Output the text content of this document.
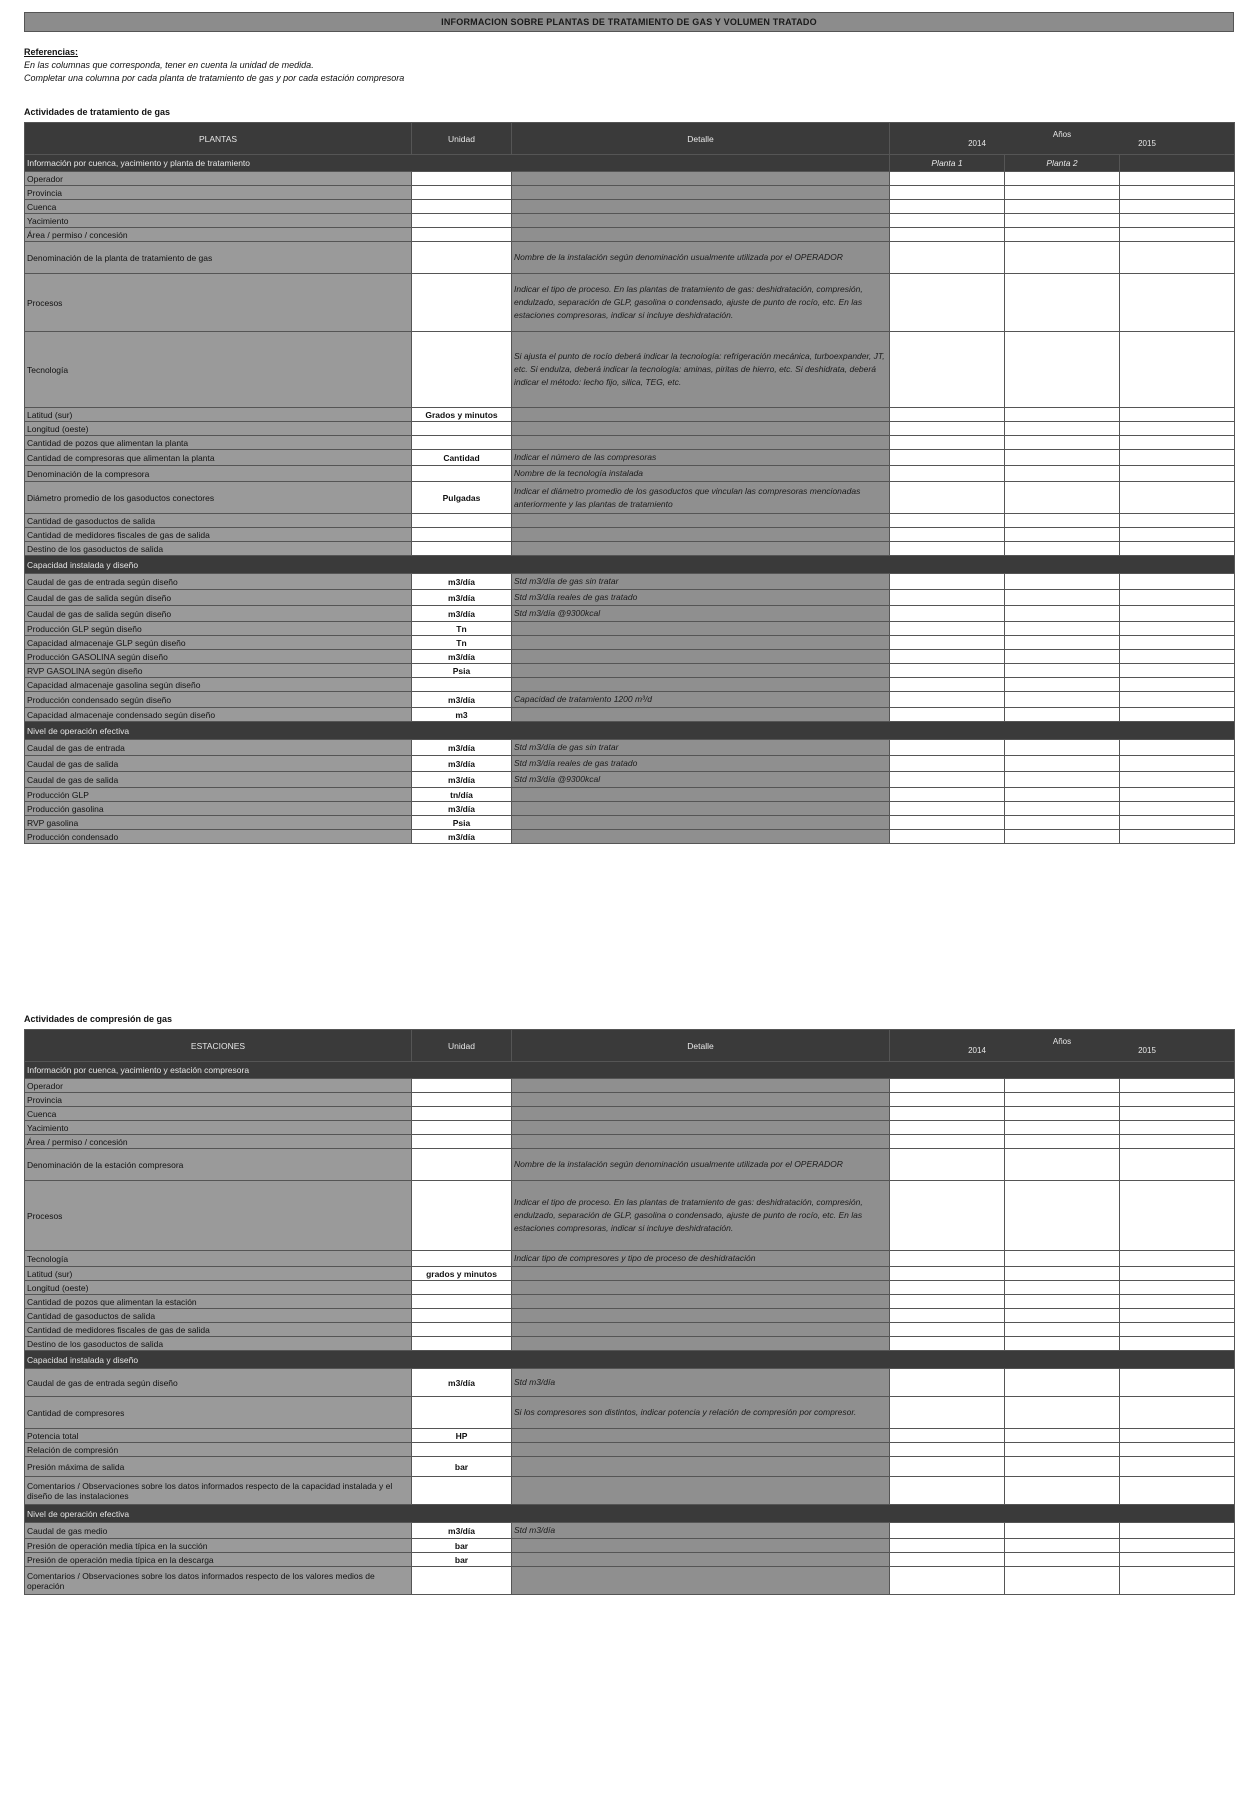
INFORMACION SOBRE PLANTAS DE TRATAMIENTO DE GAS Y VOLUMEN TRATADO
Referencias:
En las columnas que corresponda, tener en cuenta la unidad de medida.
Completar una columna por cada planta de tratamiento de gas y por cada estación compresora
Actividades de tratamiento de gas
PLANTAS	Unidad	Detalle	Años
2014 2015		

Información por cuenca, yacimiento y planta de tratamiento			Planta 1	Planta 2	
Operador					
Provincia					
Cuenca					
Yacimiento					
Área / permiso / concesión					
Denominación de la planta de tratamiento de gas		Nombre de la instalación según denominación usualmente utilizada por el OPERADOR			
Procesos		Indicar el tipo de proceso. En las plantas de tratamiento de gas: deshidratación, compresión, endulzado, separación de GLP, gasolina o condensado, ajuste de punto de rocío, etc. En las estaciones compresoras, indicar si incluye deshidratación.			
Tecnología		Si ajusta el punto de rocío deberá indicar la tecnología: refrigeración mecánica, turboexpander, JT, etc. Si endulza, deberá indicar la tecnología: aminas, piritas de hierro, etc. Si deshidrata, deberá indicar el método: lecho fijo, silica, TEG, etc.			
Latitud (sur)	Grados y minutos				
Longitud (oeste)					
Cantidad de pozos que alimentan la planta					
Cantidad de compresoras que alimentan la planta	Cantidad	Indicar el número de las compresoras			
Denominación de la compresora		Nombre de la tecnología instalada			
Diámetro promedio de los gasoductos conectores	Pulgadas	Indicar el diámetro promedio de los gasoductos que vinculan las compresoras mencionadas anteriormente y las plantas de tratamiento			
Cantidad de gasoductos de salida					
Cantidad de medidores fiscales de gas de salida					
Destino de los gasoductos de salida					
Capacidad instalada y diseño					
Caudal de gas de entrada según diseño	m3/día	Std m3/día de gas sin tratar			
Caudal de gas de salida según diseño	m3/día	Std m3/día reales de gas tratado			
Caudal de gas de salida según diseño	m3/día	Std m3/día @9300kcal			
Producción GLP según diseño	Tn				
Capacidad almacenaje GLP según diseño	Tn				
Producción GASOLINA según diseño	m3/día				
RVP GASOLINA según diseño	Psia				
Capacidad almacenaje gasolina según diseño					
Producción condensado según diseño	m3/día	Capacidad de tratamiento 1200 m³/d			
Capacidad almacenaje condensado según diseño	m3				
Nivel de operación efectiva					
Caudal de gas de entrada	m3/día	Std m3/día de gas sin tratar			
Caudal de gas de salida	m3/día	Std m3/día reales de gas tratado			
Caudal de gas de salida	m3/día	Std m3/día @9300kcal			
Producción GLP	tn/día				
Producción gasolina	m3/día				
RVP gasolina	Psia				
Producción condensado	m3/día				
Actividades de compresión de gas
ESTACIONES	Unidad	Detalle	Años
2014 2015		

Información por cuenca, yacimiento y estación compresora					
Operador					
Provincia					
Cuenca					
Yacimiento					
Área / permiso / concesión					
Denominación de la estación compresora		Nombre de la instalación según denominación usualmente utilizada por el OPERADOR			
Procesos		Indicar el tipo de proceso. En las plantas de tratamiento de gas: deshidratación, compresión, endulzado, separación de GLP, gasolina o condensado, ajuste de punto de rocío, etc. En las estaciones compresoras, indicar si incluye deshidratación.			
Tecnología		Indicar tipo de compresores y tipo de proceso de deshidratación			
Latitud (sur)	grados y minutos				
Longitud (oeste)					
Cantidad de pozos que alimentan la estación					
Cantidad de gasoductos de salida					
Cantidad de medidores fiscales de gas de salida					
Destino de los gasoductos de salida					
Capacidad instalada y diseño					
Caudal de gas de entrada según diseño	m3/día	Std m3/día			
Cantidad de compresores		Si los compresores son distintos, indicar potencia y relación de compresión por compresor.			
Potencia total	HP				
Relación de compresión					
Presión máxima de salida	bar				
Comentarios / Observaciones sobre los datos informados respecto de la capacidad instalada y el diseño de las instalaciones					
Nivel de operación efectiva					
Caudal de gas medio	m3/día	Std m3/día			
Presión de operación media típica en la succión	bar				
Presión de operación media típica en la descarga	bar				
Comentarios / Observaciones sobre los datos informados respecto de los valores medios de operación					
